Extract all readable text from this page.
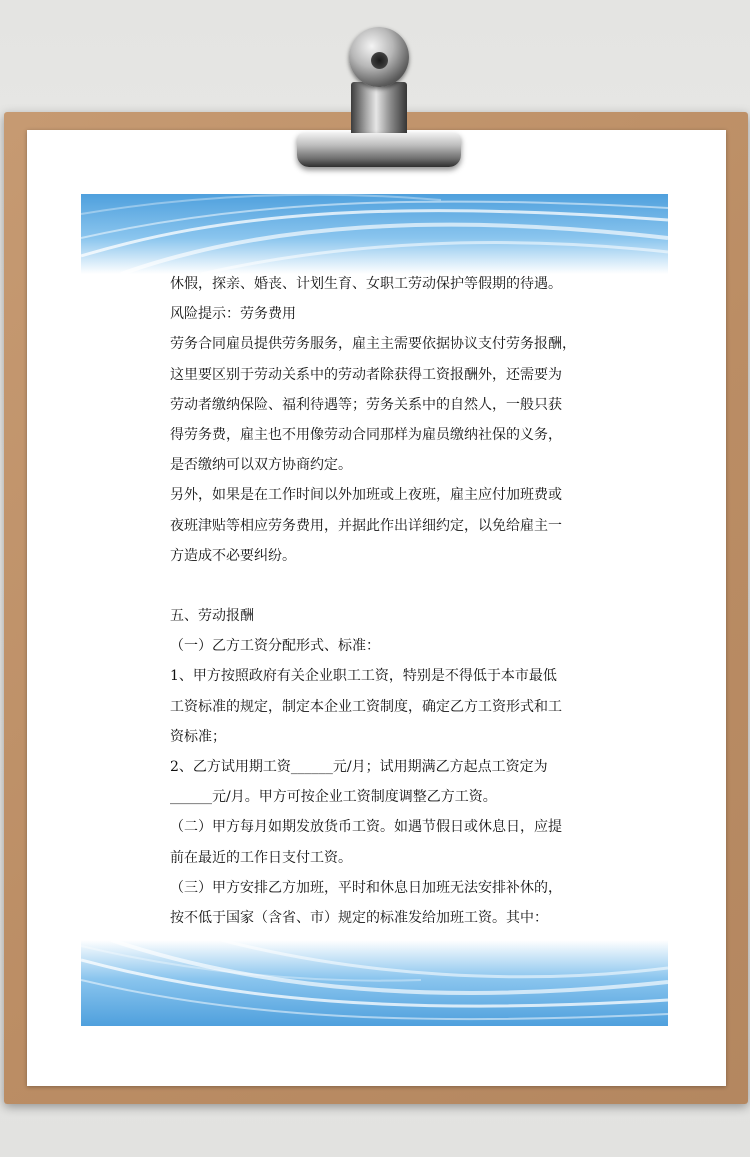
休假，探亲、婚丧、计划生育、女职工劳动保护等假期的待遇。

风险提示：劳务费用

劳务合同雇员提供劳务服务，雇主主需要依据协议支付劳务报酬，

这里要区别于劳动关系中的劳动者除获得工资报酬外，还需要为

劳动者缴纳保险、福利待遇等；劳务关系中的自然人，一般只获

得劳务费，雇主也不用像劳动合同那样为雇员缴纳社保的义务，

是否缴纳可以双方协商约定。

另外，如果是在工作时间以外加班或上夜班，雇主应付加班费或

夜班津贴等相应劳务费用，并据此作出详细约定，以免给雇主一

方造成不必要纠纷。

五、劳动报酬

（一）乙方工资分配形式、标准：

1、甲方按照政府有关企业职工工资，特别是不得低于本市最低

工资标准的规定，制定本企业工资制度，确定乙方工资形式和工

资标准；

2、乙方试用期工资______元/月；试用期满乙方起点工资定为

______元/月。甲方可按企业工资制度调整乙方工资。

（二）甲方每月如期发放货币工资。如遇节假日或休息日，应提

前在最近的工作日支付工资。

（三）甲方安排乙方加班，平时和休息日加班无法安排补休的，

按不低于国家（含省、市）规定的标准发给加班工资。其中：
